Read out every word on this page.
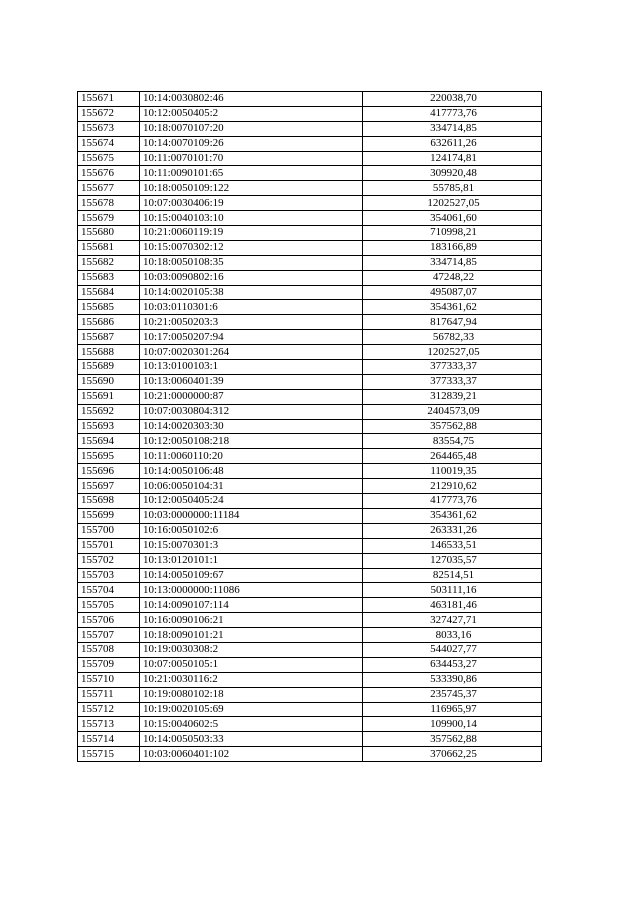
155671	10:14:0030802:46	220038,70
155672	10:12:0050405:2	417773,76
155673	10:18:0070107:20	334714,85
155674	10:14:0070109:26	632611,26
155675	10:11:0070101:70	124174,81
155676	10:11:0090101:65	309920,48
155677	10:18:0050109:122	55785,81
155678	10:07:0030406:19	1202527,05
155679	10:15:0040103:10	354061,60
155680	10:21:0060119:19	710998,21
155681	10:15:0070302:12	183166,89
155682	10:18:0050108:35	334714,85
155683	10:03:0090802:16	47248,22
155684	10:14:0020105:38	495087,07
155685	10:03:0110301:6	354361,62
155686	10:21:0050203:3	817647,94
155687	10:17:0050207:94	56782,33
155688	10:07:0020301:264	1202527,05
155689	10:13:0100103:1	377333,37
155690	10:13:0060401:39	377333,37
155691	10:21:0000000:87	312839,21
155692	10:07:0030804:312	2404573,09
155693	10:14:0020303:30	357562,88
155694	10:12:0050108:218	83554,75
155695	10:11:0060110:20	264465,48
155696	10:14:0050106:48	110019,35
155697	10:06:0050104:31	212910,62
155698	10:12:0050405:24	417773,76
155699	10:03:0000000:11184	354361,62
155700	10:16:0050102:6	263331,26
155701	10:15:0070301:3	146533,51
155702	10:13:0120101:1	127035,57
155703	10:14:0050109:67	82514,51
155704	10:13:0000000:11086	503111,16
155705	10:14:0090107:114	463181,46
155706	10:16:0090106:21	327427,71
155707	10:18:0090101:21	8033,16
155708	10:19:0030308:2	544027,77
155709	10:07:0050105:1	634453,27
155710	10:21:0030116:2	533390,86
155711	10:19:0080102:18	235745,37
155712	10:19:0020105:69	116965,97
155713	10:15:0040602:5	109900,14
155714	10:14:0050503:33	357562,88
155715	10:03:0060401:102	370662,25
